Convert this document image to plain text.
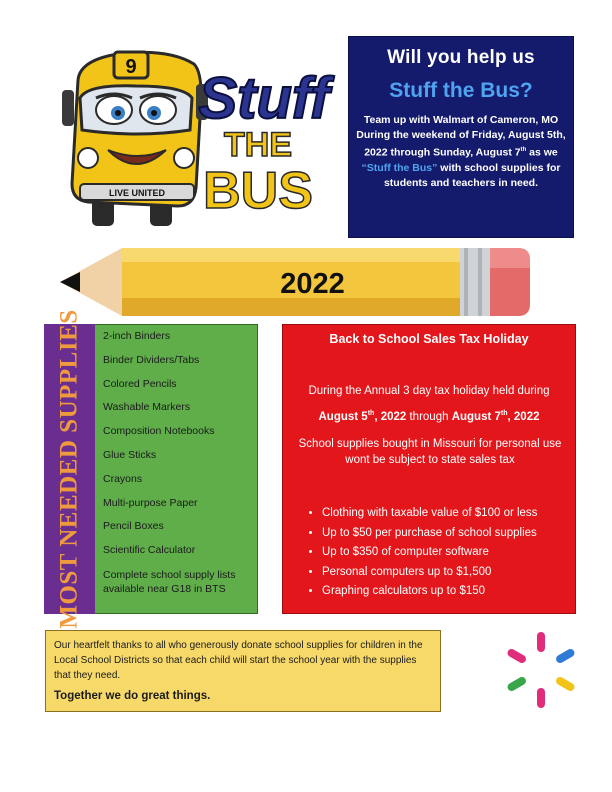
9
LIVE UNITED
Stuff
THE
BUS
Will you help us
Stuff the Bus?
Team up with Walmart of Cameron, MO During the weekend of Friday, August 5th, 2022 through Sunday, August 7th as we “Stuff the Bus” with school supplies for students and teachers in need.
2022
MOST NEEDED SUPPLIES 2-inch Binders
Binder Dividers/Tabs
Colored Pencils
Washable Markers
Composition Notebooks
Glue Sticks
Crayons
Multi-purpose Paper
Pencil Boxes
Scientific Calculator
Complete school supply lists available near G18 in BTS
Back to School Sales Tax Holiday
During the Annual 3 day tax holiday held during
August 5th, 2022 through August 7th, 2022
School supplies bought in Missouri for personal use wont be subject to state sales tax
• Clothing with taxable value of $100 or less
• Up to $50 per purchase of school supplies
• Up to $350 of computer software
• Personal computers up to $1,500
• Graphing calculators up to $150
Our heartfelt thanks to all who generously donate school supplies for children in the Local School Districts so that each child will start the school year with the supplies that they need.
Together we do great things.
